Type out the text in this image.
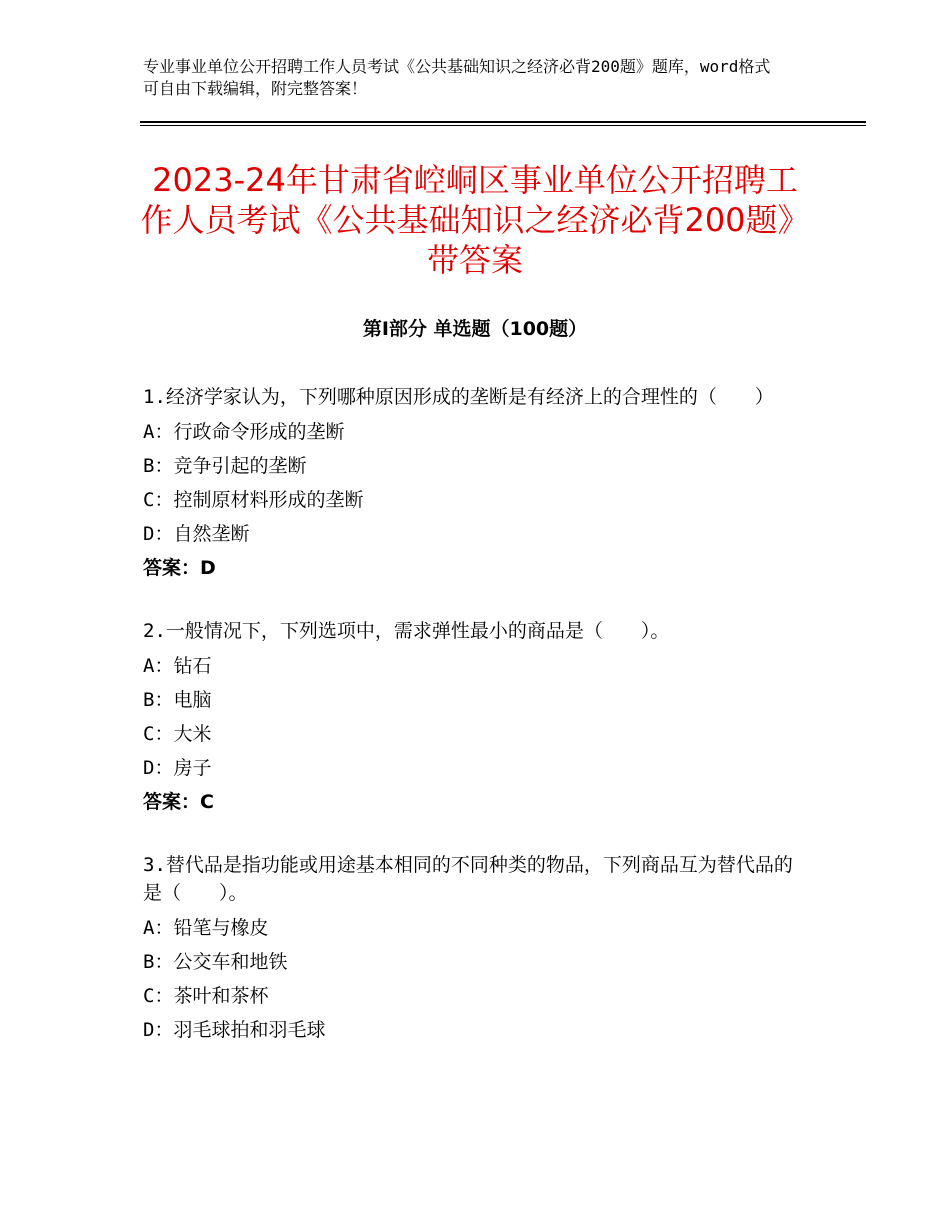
专业事业单位公开招聘工作人员考试《公共基础知识之经济必背200题》题库，word格式可自由下载编辑，附完整答案！
2023-24年甘肃省崆峒区事业单位公开招聘工作人员考试《公共基础知识之经济必背200题》带答案
第Ⅰ部分 单选题（100题）
1.经济学家认为，下列哪种原因形成的垄断是有经济上的合理性的（　　）
A：行政命令形成的垄断
B：竞争引起的垄断
C：控制原材料形成的垄断
D：自然垄断
答案：D
2.一般情况下，下列选项中，需求弹性最小的商品是（　　）。
A：钻石
B：电脑
C：大米
D：房子
答案：C
3.替代品是指功能或用途基本相同的不同种类的物品，下列商品互为替代品的是（　　）。
A：铅笔与橡皮
B：公交车和地铁
C：茶叶和茶杯
D：羽毛球拍和羽毛球
